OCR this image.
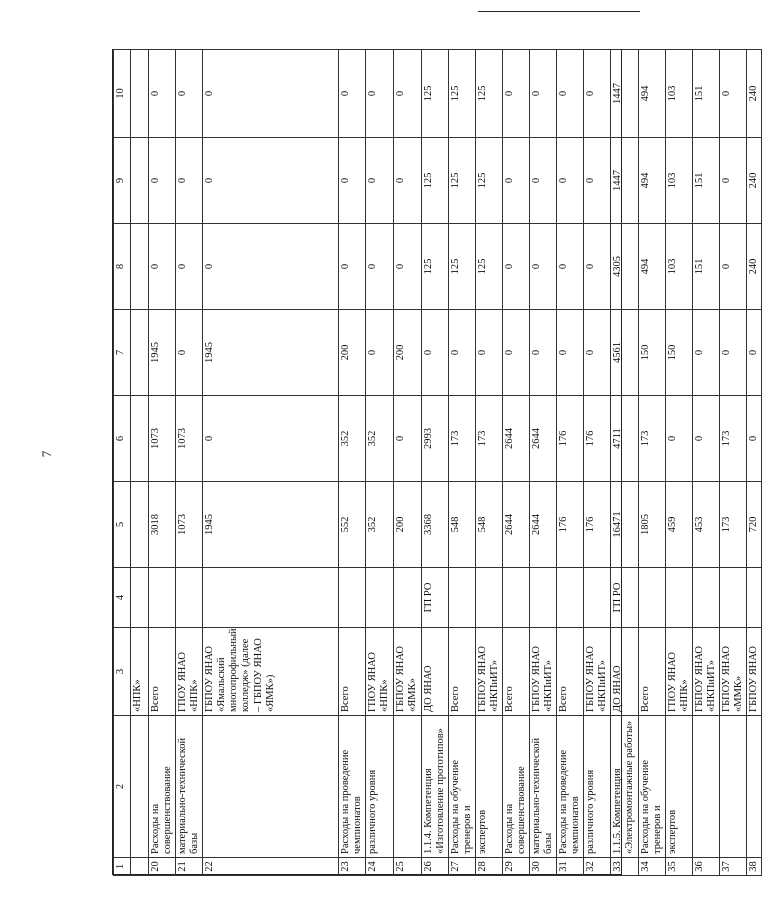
7
1	2	3	4	5	6	7	8	9	10
		«НПК»							
20	Расходы на совершенствование	Всего		3018	1073	1945	0	0	0
21	материально-технической базы	ГПОУ ЯНАО «НПК»		1073	1073	0	0	0	0
22		ГБПОУ ЯНАО «Ямальский многопрофильный колледж» (далее – ГБПОУ ЯНАО «ЯМК»)		1945	0	1945	0	0	0
23	Расходы на проведение чемпионатов	Всего		552	352	200	0	0	0
24	различного уровня	ГПОУ ЯНАО «НПК»		352	352	0	0	0	0
25		ГБПОУ ЯНАО «ЯМК»		200	0	200	0	0	0
26	1.1.4. Компетенция «Изготовление прототипов»	ДО ЯНАО	ГП РО	3368	2993	0	125	125	125
27	Расходы на обучение тренеров и	Всего		548	173	0	125	125	125
28	экспертов	ГБПОУ ЯНАО «НКПиИТ»		548	173	0	125	125	125
29	Расходы на совершенствование	Всего		2644	2644	0	0	0	0
30	материально-технической базы	ГБПОУ ЯНАО «НКПиИТ»		2644	2644	0	0	0	0
31	Расходы на проведение чемпионатов	Всего		176	176	0	0	0	0
32	различного уровня	ГБПОУ ЯНАО «НКПиИТ»		176	176	0	0	0	0
33	1.1.5. Компетенция «Электромонтажные работы»	ДО ЯНАО	ГП РО	16471	4711	4561	4305	1447	1447
34	Расходы на обучение тренеров и	Всего		1805	173	150	494	494	494
35	экспертов	ГПОУ ЯНАО «НПК»		459	0	150	103	103	103
36		ГБПОУ ЯНАО «НКПиИТ»		453	0	0	151	151	151
37		ГБПОУ ЯНАО «ММК»		173	173	0	0	0	0
38		ГБПОУ ЯНАО		720	0	0	240	240	240
